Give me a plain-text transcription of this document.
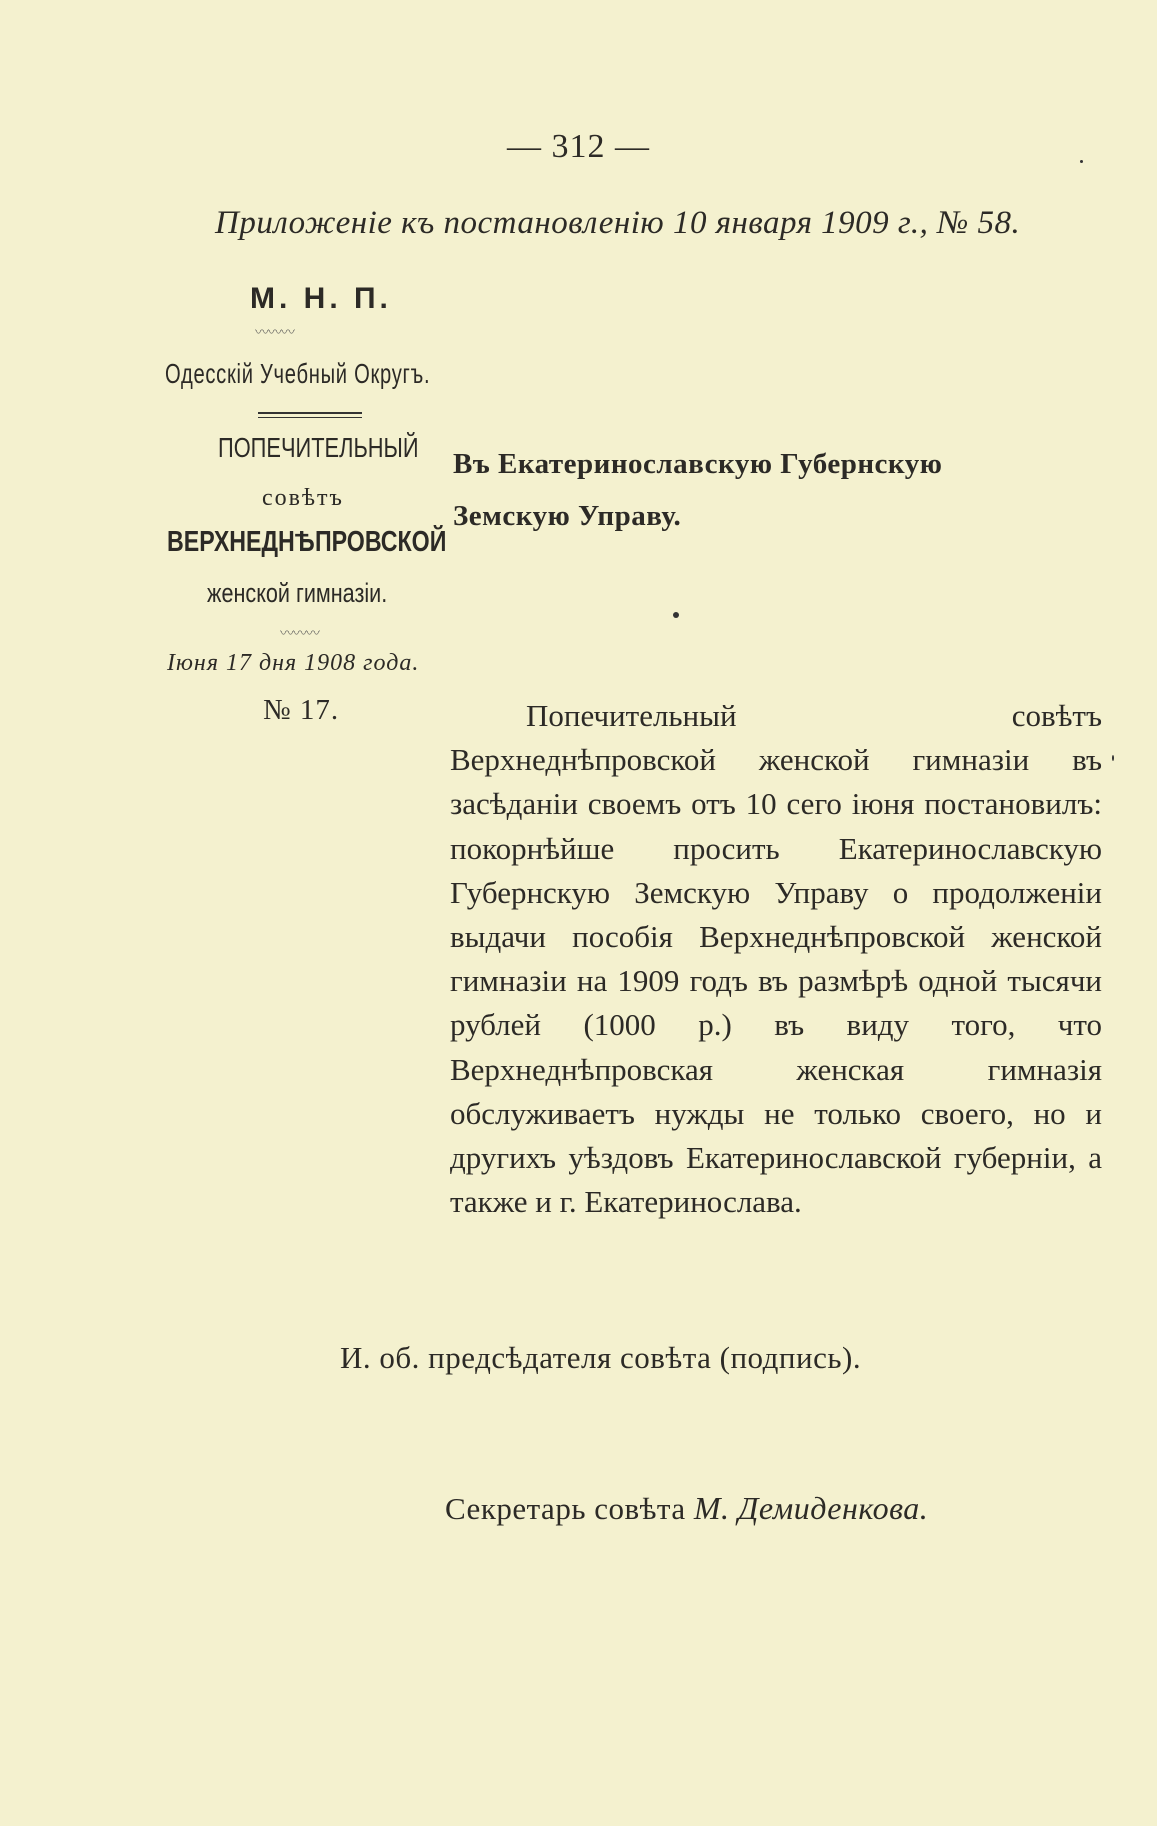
— 312 —
Приложенiе къ постановленiю 10 января 1909 г., № 58.
М. Н. П.
〰〰〰
Одесскiй Учебный Округъ.
ПОПЕЧИТЕЛЬНЫЙ
совѣтъ
ВЕРХНЕДНѢПРОВСКОЙ
женской гимназiи.
〰〰〰
Iюня 17 дня 1908 года.
№ 17.
Въ Екатеринославскую Губернскую
Земскую Управу.

Попечительный совѣтъ Верхнеднѣпровской женской гимназiи въ засѣданiи своемъ отъ 10 сего iюня постановилъ: покорнѣйше просить Екатеринославскую Губернскую Земскую Управу о продолженiи выдачи пособiя Верхнеднѣпровской женской гимназiи на 1909 годъ въ размѣрѣ одной тысячи рублей (1000 р.) въ виду того, что Верхнеднѣпровская женская гимназiя обслуживаетъ нужды не только своего, но и другихъ уѣздовъ Екатеринославской губернiи, а также и г. Екатеринослава.

И. об. предсѣдателя совѣта (подпись).
Секретарь совѣта М. Демиденкова.
